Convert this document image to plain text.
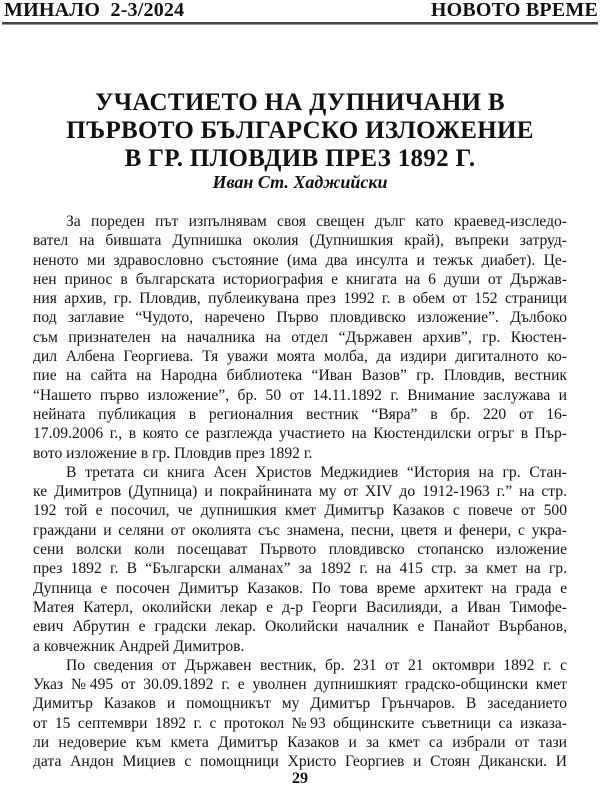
МИНАЛО  2-3/2024	НОВОТО ВРЕМЕ
УЧАСТИЕТО НА ДУПНИЧАНИ В
ПЪРВОТО БЪЛГАРСКО ИЗЛОЖЕНИЕ
В ГР. ПЛОВДИВ ПРЕЗ 1892 Г.
Иван Ст. Хаджийски
За пореден път изпълнявам своя свещен дълг като краевед-изследо-
вател на бившата Дупнишка околия (Дупнишкия край), въпреки затруд-
неното ми здравословно състояние (има два инсулта и тежък диабет). Це-
нен принос в българската историография е книгата на 6 души от Държав-
ния архив, гр. Пловдив, публеикувана през 1992 г. в обем от 152 страници
под заглавие “Чудото, наречено Първо пловдивско изложение”. Дълбоко
съм признателен на началника на отдел “Държавен архив”, гр. Кюстен-
дил Албена Георгиева. Тя уважи моята молба, да издири дигиталното ко-
пие на сайта на Народна библиотека “Иван Вазов” гр. Пловдив, вестник
“Нашето първо изложение”, бр. 50 от 14.11.1892 г. Внимание заслужава и
нейната публикация в регионалния вестник “Вяра” в бр. 220 от 16-
17.09.2006 г., в която се разглежда участието на Кюстендилски огръг в Пър-
вото изложение в гр. Пловдив през 1892 г.
В третата си книга Асен Христов Меджидиев “История на гр. Стан-
ке Димитров (Дупница) и покрайнината му от XIV до 1912-1963 г.” на стр.
192 той е посочил, че дупнишкия кмет Димитър Казаков с повече от 500
граждани и селяни от околията със знамена, песни, цветя и фенери, с укра-
сени волски коли посещават Първото пловдивско стопанско изложение
през 1892 г. В “Български алманах” за 1892 г. на 415 стр. за кмет на гр.
Дупница е посочен Димитър Казаков. По това време архитект на града е
Матея Катерл, околийски лекар е д-р Георги Василияди, а Иван Тимофе-
евич Абрутин е градски лекар. Околийски началник е Панайот Върбанов,
а ковчежник Андрей Димитров.
По сведения от Държавен вестник, бр. 231 от 21 октомври 1892 г. с
Указ №495 от 30.09.1892 г. е уволнен дупнишкият градско-общински кмет
Димитър Казаков и помощникът му Димитър Грънчаров. В заседанието
от 15 септември 1892 г. с протокол №93 общинските съветници са изказа-
ли недоверие към кмета Димитър Казаков и за кмет са избрали от тази
дата Андон Мициев с помощници Христо Георгиев и Стоян Дикански. И
29
